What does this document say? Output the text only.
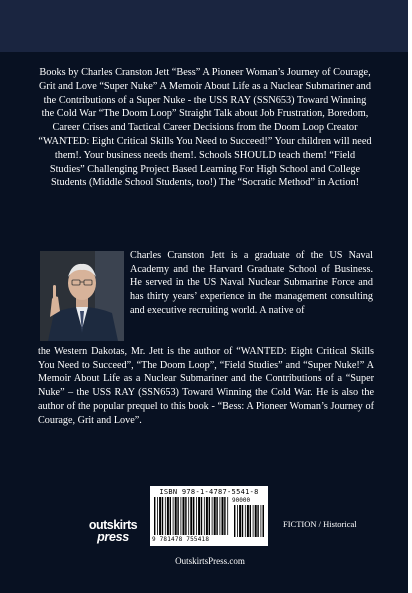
Books by Charles Cranston Jett “Bess” A Pioneer Woman’s Journey of Courage, Grit and Love “Super Nuke” A Memoir About Life as a Nuclear Submariner and the Contributions of a Super Nuke - the USS RAY (SSN653) Toward Winning the Cold War “The Doom Loop” Straight Talk about Job Frustration, Boredom, Career Crises and Tactical Career Decisions from the Doom Loop Creator “WANTED: Eight Critical Skills You Need to Succeed!” Your children will need them!. Your business needs them!. Schools SHOULD teach them! “Field Studies” Challenging Project Based Learning For High School and College Students (Middle School Students, too!) The “Socratic Method” in Action!

Charles Cranston Jett is a graduate of the US Naval Academy and the Harvard Graduate School of Business. He served in the US Naval Nuclear Submarine Force and has thirty years’ experience in the management consulting and executive recruiting world. A native of

the Western Dakotas, Mr. Jett is the author of “WANTED: Eight Critical Skills You Need to Succeed”, “The Doom Loop”, “Field Studies” and “Super Nuke!” A Memoir About Life as a Nuclear Submariner and the Contributions of a “Super Nuke” – the USS RAY (SSN653) Toward Winning the Cold War. He is also the author of the popular prequel to this book - “Bess: A Pioneer Woman’s Journey of Courage, Grit and Love”.

outskirts
press
ISBN 978-1-4787-5541-8
90000
9 781478 755418
OutskirtsPress.com
FICTION / Historical
